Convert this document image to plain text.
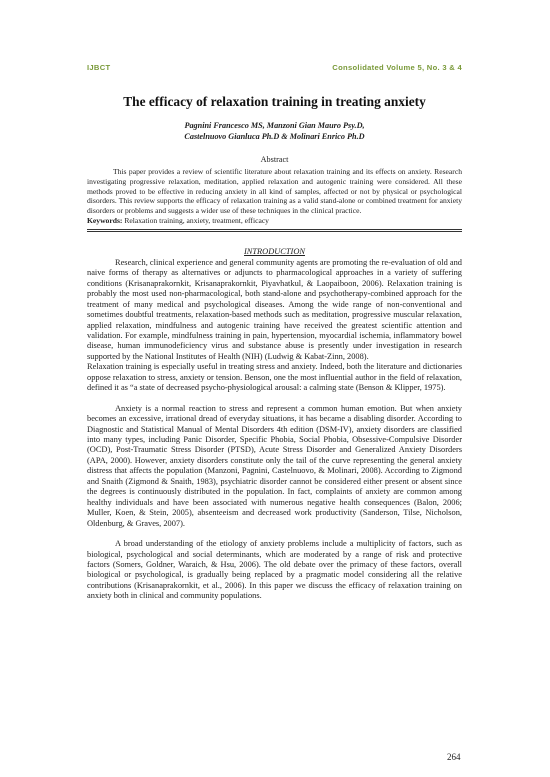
IJBCT	Consolidated Volume 5, No. 3 & 4
The efficacy of relaxation training in treating anxiety
Pagnini Francesco MS, Manzoni Gian Mauro Psy.D,
Castelnuovo Gianluca Ph.D & Molinari Enrico Ph.D
Abstract

This paper provides a review of scientific literature about relaxation training and its effects on anxiety. Research investigating progressive relaxation, meditation, applied relaxation and autogenic training were considered. All these methods proved to be effective in reducing anxiety in all kind of samples, affected or not by physical or psychological disorders. This review supports the efficacy of relaxation training as a valid stand-alone or combined treatment for anxiety disorders or problems and suggests a wider use of these techniques in the clinical practice.

Keywords: Relaxation training, anxiety, treatment, efficacy

INTRODUCTION

Research, clinical experience and general community agents are promoting the re-evaluation of old and naive forms of therapy as alternatives or adjuncts to pharmacological approaches in a variety of suffering conditions (Krisanaprakornkit, Krisanaprakornkit, Piyavhatkul, & Laopaiboon, 2006). Relaxation training is probably the most used non-pharmacological, both stand-alone and psychotherapy-combined approach for the treatment of many medical and psychological diseases. Among the wide range of non-conventional and sometimes doubtful treatments, relaxation-based methods such as meditation, progressive muscular relaxation, applied relaxation, mindfulness and autogenic training have received the greatest scientific attention and validation. For example, mindfulness training in pain, hypertension, myocardial ischemia, inflammatory bowel disease, human immunodeficiency virus and substance abuse is presently under investigation in research supported by the National Institutes of Health (NIH) (Ludwig & Kabat-Zinn, 2008).

Relaxation training is especially useful in treating stress and anxiety. Indeed, both the literature and dictionaries oppose relaxation to stress, anxiety or tension. Benson, one the most influential author in the field of relaxation, defined it as “a state of decreased psycho-physiological arousal: a calming state (Benson & Klipper, 1975).

Anxiety is a normal reaction to stress and represent a common human emotion. But when anxiety becomes an excessive, irrational dread of everyday situations, it has became a disabling disorder. According to Diagnostic and Statistical Manual of Mental Disorders 4th edition (DSM-IV), anxiety disorders are classified into many types, including Panic Disorder, Specific Phobia, Social Phobia, Obsessive-Compulsive Disorder (OCD), Post-Traumatic Stress Disorder (PTSD), Acute Stress Disorder and Generalized Anxiety Disorders (APA, 2000). However, anxiety disorders constitute only the tail of the curve representing the general anxiety distress that affects the population (Manzoni, Pagnini, Castelnuovo, & Molinari, 2008). According to Zigmond and Snaith (Zigmond & Snaith, 1983), psychiatric disorder cannot be considered either present or absent since the degrees is continuously distributed in the population. In fact, complaints of anxiety are common among healthy individuals and have been associated with numerous negative health consequences (Balon, 2006; Muller, Koen, & Stein, 2005), absenteeism and decreased work productivity (Sanderson, Tilse, Nicholson, Oldenburg, & Graves, 2007).

A broad understanding of the etiology of anxiety problems include a multiplicity of factors, such as biological, psychological and social determinants, which are moderated by a range of risk and protective factors (Somers, Goldner, Waraich, & Hsu, 2006). The old debate over the primacy of these factors, overall biological or psychological, is gradually being replaced by a pragmatic model considering all the relative contributions (Krisanaprakornkit, et al., 2006). In this paper we discuss the efficacy of relaxation training on anxiety both in clinical and community populations.

264
